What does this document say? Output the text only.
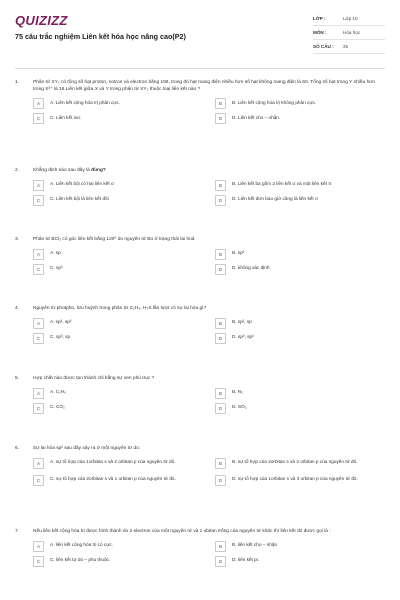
QUIZIZZ
75 câu trắc nghiệm Liên kết hóa học nâng cao(P2)
LỚP :	Lớp 10
MÔN :	Hóa học
SỐ CÂU :	25
1.	Phân tử XY₂ có tổng số hạt proton, notron và electron bằng 196, trong đó hạt mang điện nhiều hơn số hạt không mang điện là 60. Tổng số hạt trong Y nhiều hơn trong X³⁺ là 16.Liên kết giữa X và Y trong phân tử XY₂ thuộc loại liên kết nào ?
A	A. Liên kết cộng hóa trị phân cực.	B	B. Liên kết cộng hóa trị không phân cực.
C	C. Liên kết ion.	D	D. Liên kết cho – nhận.
2.	Khẳng định nào sau đây là đúng?
A	A. Liên kết bội có hai liên kết σ	B	B. Liên kết ba gồm 2 liên kết σ và một liên kết π
C	C. Liên kết bội là liên kết đôi	D	D. Liên kết đơn bao giờ cũng là liên kết σ
3.	Phân tử BCl₃ có góc liên kết bằng 120⁰ do nguyên tử Bo ở trạng thái lai hoá
A	A. sp	B	B. sp²
C	C. sp³	D	D. không xác định
4.	Nguyên tử photpho, lưu huỳnh trong phân tử C₂H₄, H₂S lần lượt có sự lai hóa gì?
A	A. sp², sp³	B	B. sp², sp
C	C. sp³, sp	D	D. sp³, sp³
5.	Hợp chất nào được tạo thành chỉ bằng sự xen phủ trục ?
A	A. C₂H₆	B	B. N₂
C	C. CO₂	D	D. SO₂
6.	Sự lai hóa sp² sau đây xảy ra ở một nguyên tử do:
A	A. sự tổ hợp của 1orbitan s và 2 orbitan p của nguyên tử đó.	B	B. sự tổ hợp của 2orbitan s và 2 orbitan p của nguyên tử đó.
C	C. sự tổ hợp của 2orbitan s và 1 orbitan p của nguyên tử đó.	D	D. sự tổ hợp của 1orbitan s và 3 orbitan p của nguyên tử đó.
7.	Nếu liên kết cộng hóa trị được hình thành do 2 electron của một nguyên tử và 1 obitan trống của nguyên tử khác thì liên kết đó được gọi là :
A	A. liên kết cộng hóa trị có cực.	B	B. liên kết cho – nhận
C	C. liên kết tự do – phụ thuộc.	D	D. liên kết pi.
